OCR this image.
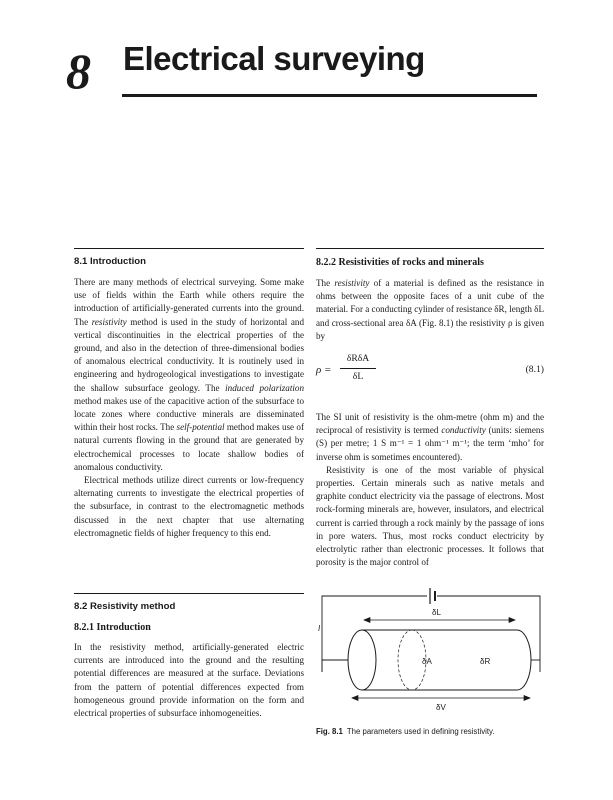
8 Electrical surveying
8.1 Introduction

There are many methods of electrical surveying. Some make use of fields within the Earth while others require the introduction of artificially-generated currents into the ground. The resistivity method is used in the study of horizontal and vertical discontinuities in the electrical properties of the ground, and also in the detection of three-dimensional bodies of anomalous electrical conductivity. It is routinely used in engineering and hydrogeological investigations to investigate the shallow subsurface geology. The induced polarization method makes use of the capacitive action of the subsurface to locate zones where conductive minerals are disseminated within their host rocks. The self-potential method makes use of natural currents flowing in the ground that are generated by electrochemical processes to locate shallow bodies of anomalous conductivity.

Electrical methods utilize direct currents or low-frequency alternating currents to investigate the electrical properties of the subsurface, in contrast to the electromagnetic methods discussed in the next chapter that use alternating electromagnetic fields of higher frequency to this end.

8.2 Resistivity method
8.2.1 Introduction

In the resistivity method, artificially-generated electric currents are introduced into the ground and the resulting potential differences are measured at the surface. Deviations from the pattern of potential differences expected from homogeneous ground provide information on the form and electrical properties of subsurface inhomogeneities.

8.2.2 Resistivities of rocks and minerals

The resistivity of a material is defined as the resistance in ohms between the opposite faces of a unit cube of the material. For a conducting cylinder of resistance δR, length δL and cross-sectional area δA (Fig. 8.1) the resistivity ρ is given by

ρ =
δRδA
δL
(8.1)

The SI unit of resistivity is the ohm-metre (ohm m) and the reciprocal of resistivity is termed conductivity (units: siemens (S) per metre; 1 S m⁻¹ = 1 ohm⁻¹ m⁻¹; the term ‘mho’ for inverse ohm is sometimes encountered).

Resistivity is one of the most variable of physical properties. Certain minerals such as native metals and graphite conduct electricity via the passage of electrons. Most rock-forming minerals are, however, insulators, and electrical current is carried through a rock mainly by the passage of ions in pore waters. Thus, most rocks conduct electricity by electrolytic rather than electronic processes. It follows that porosity is the major control of

I
δL
δA	δR
δV
Fig. 8.1 The parameters used in defining resistivity.
